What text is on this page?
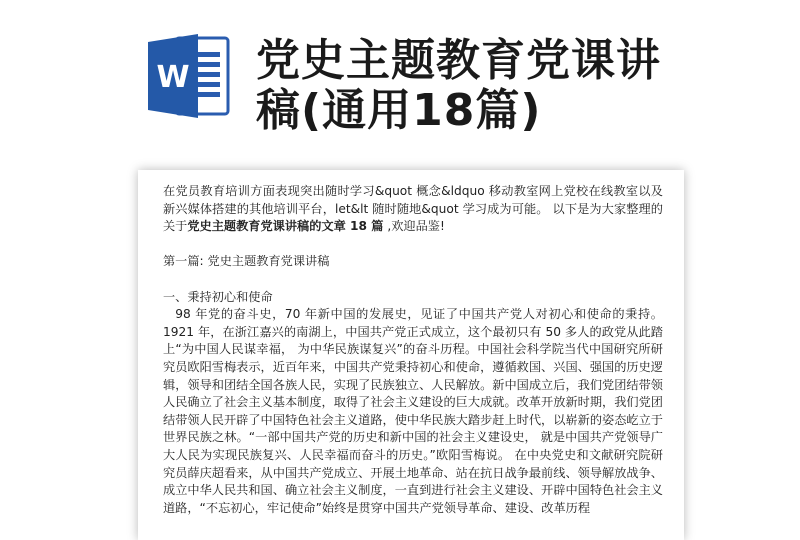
W 党史主题教育党课讲
稿(通用18篇)

在党员教育培训方面表现突出随时学习&quot 概念&ldquo 移动教室网上党校在线教室以及新兴媒体搭建的其他培训平台，let&lt 随时随地&quot 学习成为可能。 以下是为大家整理的关于党史主题教育党课讲稿的文章 18 篇 ,欢迎品鉴!

第一篇: 党史主题教育党课讲稿

一、秉持初心和使命

98 年党的奋斗史，70 年新中国的发展史，见证了中国共产党人对初心和使命的秉持。1921 年，在浙江嘉兴的南湖上，中国共产党正式成立，这个最初只有 50 多人的政党从此踏上“为中国人民谋幸福， 为中华民族谋复兴”的奋斗历程。中国社会科学院当代中国研究所研究员欧阳雪梅表示，近百年来，中国共产党秉持初心和使命，遵循救国、兴国、强国的历史逻辑，领导和团结全国各族人民，实现了民族独立、人民解放。新中国成立后，我们党团结带领人民确立了社会主义基本制度，取得了社会主义建设的巨大成就。改革开放新时期，我们党团结带领人民开辟了中国特色社会主义道路，使中华民族大踏步赶上时代，以崭新的姿态屹立于世界民族之林。“一部中国共产党的历史和新中国的社会主义建设史， 就是中国共产党领导广大人民为实现民族复兴、人民幸福而奋斗的历史。”欧阳雪梅说。 在中央党史和文献研究院研究员薛庆超看来，从中国共产党成立、开展土地革命、站在抗日战争最前线、领导解放战争、成立中华人民共和国、确立社会主义制度，一直到进行社会主义建设、开辟中国特色社会主义道路，“不忘初心，牢记使命”始终是贯穿中国共产党领导革命、建设、改革历程
